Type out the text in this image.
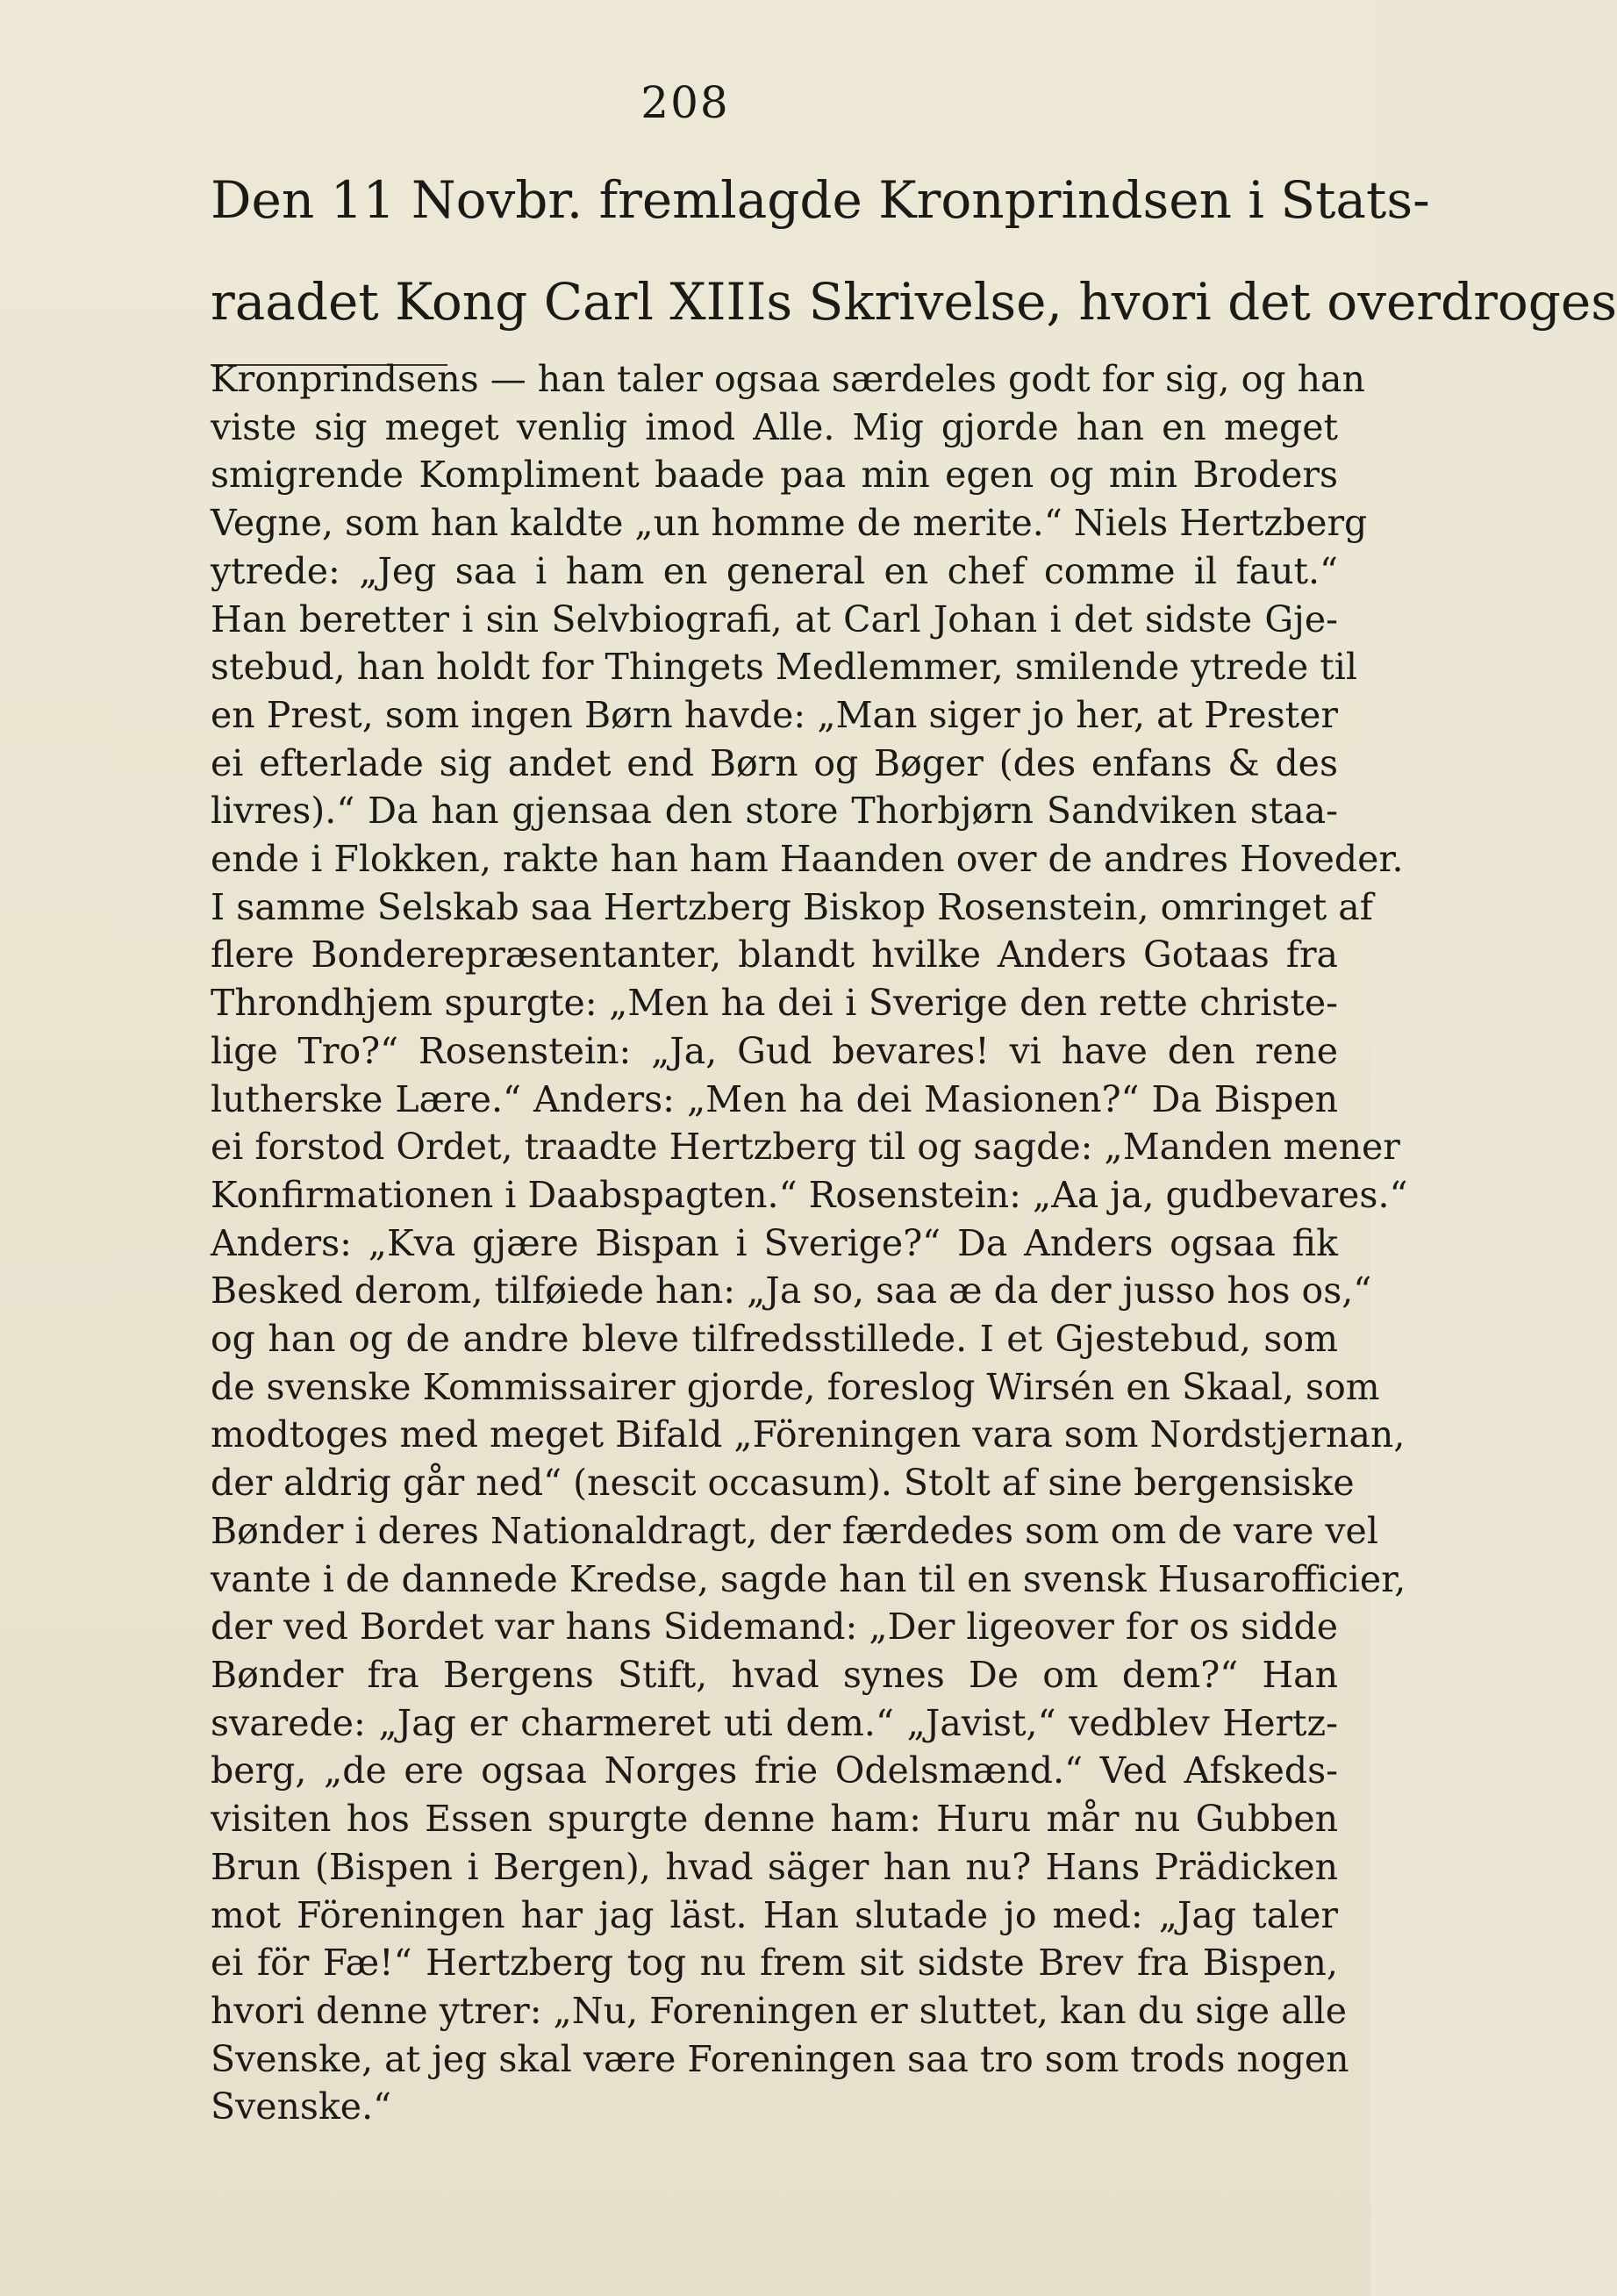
208
Den 11 Novbr. fremlagde Kronprindsen i Stats-
raadet Kong Carl XIIIs Skrivelse, hvori det overdroges
Kronprindsens — han taler ogsaa særdeles godt for sig, og han
viste sig meget venlig imod Alle. Mig gjorde han en meget
smigrende Kompliment baade paa min egen og min Broders
Vegne, som han kaldte „un homme de merite.“ Niels Hertzberg
ytrede: „Jeg saa i ham en general en chef comme il faut.“
Han beretter i sin Selvbiografi, at Carl Johan i det sidste Gje-
stebud, han holdt for Thingets Medlemmer, smilende ytrede til
en Prest, som ingen Børn havde: „Man siger jo her, at Prester
ei efterlade sig andet end Børn og Bøger (des enfans & des
livres).“ Da han gjensaa den store Thorbjørn Sandviken staa-
ende i Flokken, rakte han ham Haanden over de andres Hoveder.
I samme Selskab saa Hertzberg Biskop Rosenstein, omringet af
flere Bonderepræsentanter, blandt hvilke Anders Gotaas fra
Throndhjem spurgte: „Men ha dei i Sverige den rette christe-
lige Tro?“ Rosenstein: „Ja, Gud bevares! vi have den rene
lutherske Lære.“ Anders: „Men ha dei Masionen?“ Da Bispen
ei forstod Ordet, traadte Hertzberg til og sagde: „Manden mener
Konfirmationen i Daabspagten.“ Rosenstein: „Aa ja, gudbevares.“
Anders: „Kva gjære Bispan i Sverige?“ Da Anders ogsaa fik
Besked derom, tilføiede han: „Ja so, saa æ da der jusso hos os,“
og han og de andre bleve tilfredsstillede. I et Gjestebud, som
de svenske Kommissairer gjorde, foreslog Wirsén en Skaal, som
modtoges med meget Bifald „Föreningen vara som Nordstjernan,
der aldrig går ned“ (nescit occasum). Stolt af sine bergensiske
Bønder i deres Nationaldragt, der færdedes som om de vare vel
vante i de dannede Kredse, sagde han til en svensk Husarofficier,
der ved Bordet var hans Sidemand: „Der ligeover for os sidde
Bønder fra Bergens Stift, hvad synes De om dem?“ Han
svarede: „Jag er charmeret uti dem.“ „Javist,“ vedblev Hertz-
berg, „de ere ogsaa Norges frie Odelsmænd.“ Ved Afskeds-
visiten hos Essen spurgte denne ham: Huru mår nu Gubben
Brun (Bispen i Bergen), hvad säger han nu? Hans Prädicken
mot Föreningen har jag läst. Han slutade jo med: „Jag taler
ei för Fæ!“ Hertzberg tog nu frem sit sidste Brev fra Bispen,
hvori denne ytrer: „Nu, Foreningen er sluttet, kan du sige alle
Svenske, at jeg skal være Foreningen saa tro som trods nogen
Svenske.“
